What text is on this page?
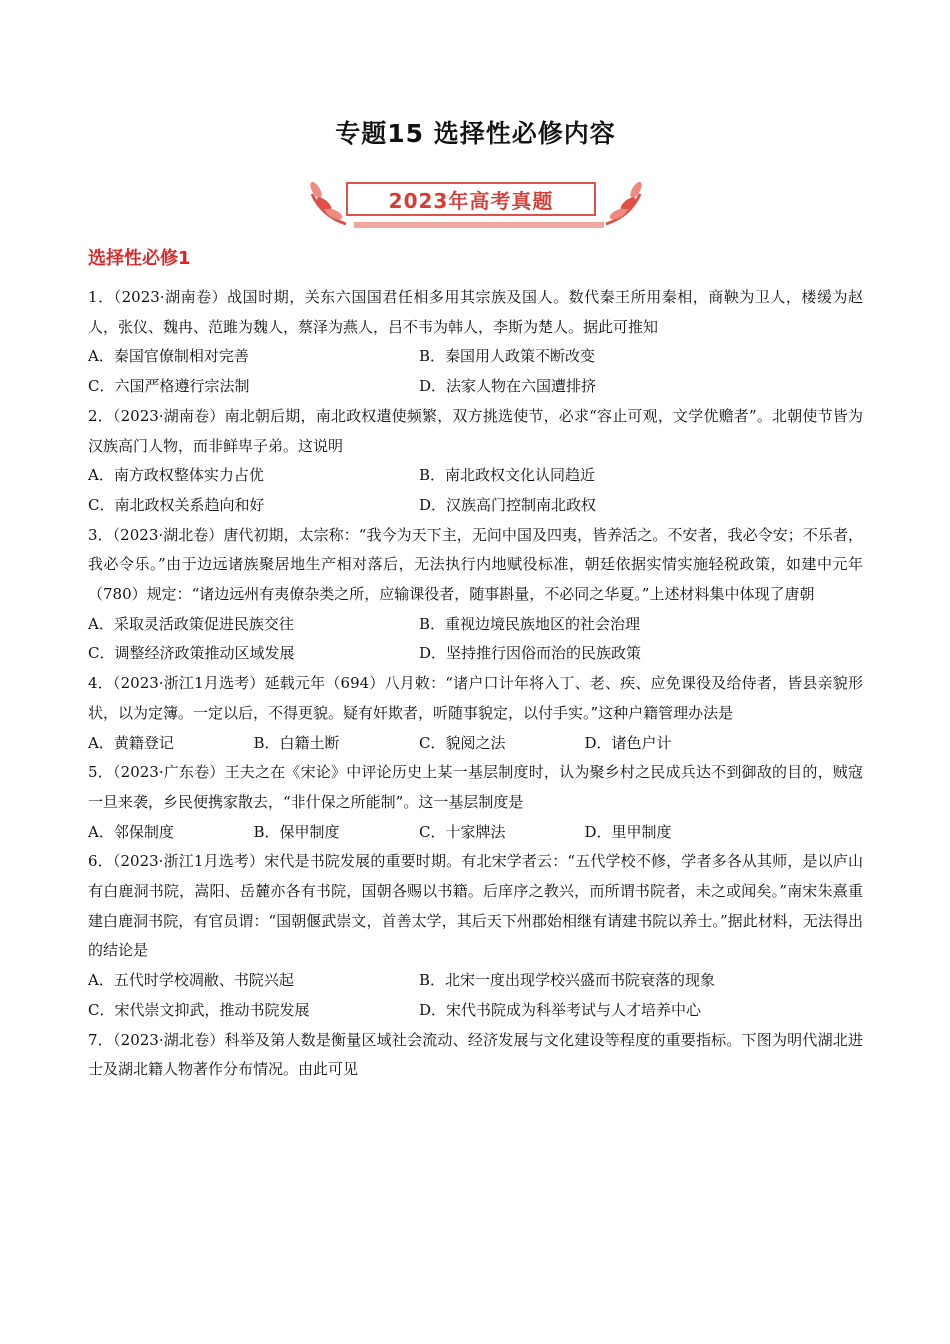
专题15 选择性必修内容
2023年高考真题
选择性必修1

1．（2023·湖南卷）战国时期，关东六国国君任相多用其宗族及国人。数代秦王所用秦相，商鞅为卫人，楼缓为赵人，张仪、魏冉、范雎为魏人，蔡泽为燕人，吕不韦为韩人，李斯为楚人。据此可推知

A．秦国官僚制相对完善	B．秦国用人政策不断改变
C．六国严格遵行宗法制	D．法家人物在六国遭排挤

2．（2023·湖南卷）南北朝后期，南北政权遣使频繁，双方挑选使节，必求“容止可观，文学优赡者”。北朝使节皆为汉族高门人物，而非鲜卑子弟。这说明

A．南方政权整体实力占优	B．南北政权文化认同趋近
C．南北政权关系趋向和好	D．汉族高门控制南北政权

3．（2023·湖北卷）唐代初期，太宗称：“我今为天下主，无问中国及四夷，皆养活之。不安者，我必令安；不乐者，我必令乐。”由于边远诸族聚居地生产相对落后，无法执行内地赋役标准，朝廷依据实情实施轻税政策，如建中元年（780）规定：“诸边远州有夷僚杂类之所，应输课役者，随事斟量，不必同之华夏。”上述材料集中体现了唐朝

A．采取灵活政策促进民族交往	B．重视边境民族地区的社会治理
C．调整经济政策推动区域发展	D．坚持推行因俗而治的民族政策

4．（2023·浙江1月选考）延载元年（694）八月敕：“诸户口计年将入丁、老、疾、应免课役及给侍者，皆县亲貌形状，以为定簿。一定以后，不得更貌。疑有奸欺者，听随事貌定，以付手实。”这种户籍管理办法是

A．黄籍登记	B．白籍土断	C．貌阅之法	D．诸色户计

5．（2023·广东卷）王夫之在《宋论》中评论历史上某一基层制度时，认为聚乡村之民成兵达不到御敌的目的，贼寇一旦来袭，乡民便携家散去，“非什保之所能制”。这一基层制度是

A．邻保制度	B．保甲制度	C．十家牌法	D．里甲制度

6．（2023·浙江1月选考）宋代是书院发展的重要时期。有北宋学者云：“五代学校不修，学者多各从其师，是以庐山有白鹿洞书院，嵩阳、岳麓亦各有书院，国朝各赐以书籍。后庠序之教兴，而所谓书院者，未之或闻矣。”南宋朱熹重建白鹿洞书院，有官员谓：“国朝偃武崇文，首善太学，其后天下州郡始相继有请建书院以养士。”据此材料，无法得出的结论是

A．五代时学校凋敝、书院兴起	B．北宋一度出现学校兴盛而书院衰落的现象
C．宋代崇文抑武，推动书院发展	D．宋代书院成为科举考试与人才培养中心

7．（2023·湖北卷）科举及第人数是衡量区域社会流动、经济发展与文化建设等程度的重要指标。下图为明代湖北进士及湖北籍人物著作分布情况。由此可见
